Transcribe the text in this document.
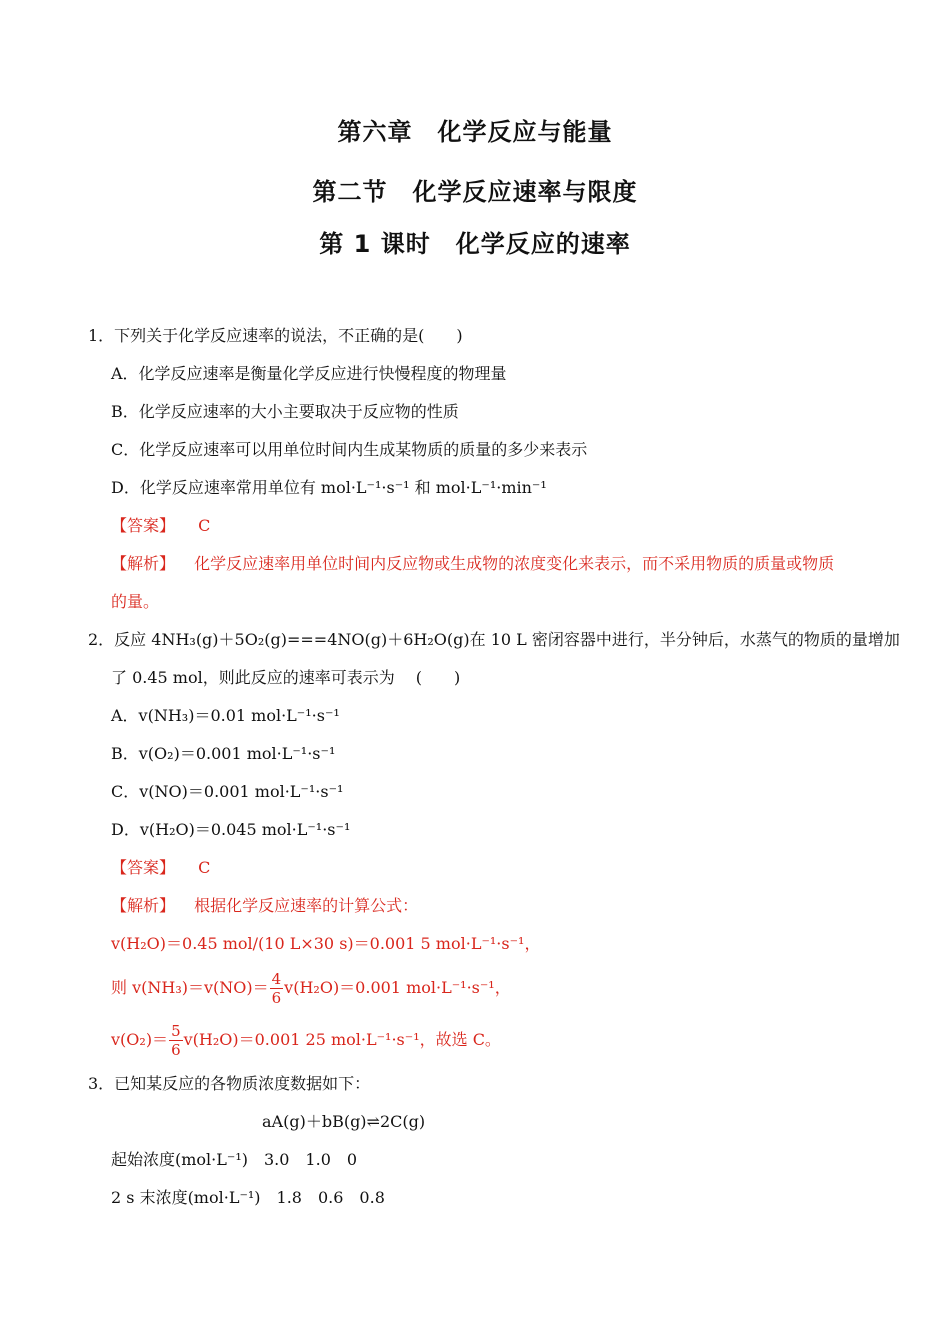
第六章　化学反应与能量
第二节　化学反应速率与限度
第 1 课时　化学反应的速率
1．下列关于化学反应速率的说法，不正确的是(　　)
A．化学反应速率是衡量化学反应进行快慢程度的物理量
B．化学反应速率的大小主要取决于反应物的性质
C．化学反应速率可以用单位时间内生成某物质的质量的多少来表示
D．化学反应速率常用单位有 mol·L⁻¹·s⁻¹ 和 mol·L⁻¹·min⁻¹
【答案】 C
【解析】 化学反应速率用单位时间内反应物或生成物的浓度变化来表示，而不采用物质的质量或物质
的量。
2．反应 4NH₃(g)＋5O₂(g)===4NO(g)＋6H₂O(g)在 10 L 密闭容器中进行，半分钟后，水蒸气的物质的量增加
了 0.45 mol，则此反应的速率可表示为　 (　　)
A．v(NH₃)＝0.01 mol·L⁻¹·s⁻¹
B．v(O₂)＝0.001 mol·L⁻¹·s⁻¹
C．v(NO)＝0.001 mol·L⁻¹·s⁻¹
D．v(H₂O)＝0.045 mol·L⁻¹·s⁻¹
【答案】 C
【解析】 根据化学反应速率的计算公式：
v(H₂O)＝0.45 mol/(10 L×30 s)＝0.001 5 mol·L⁻¹·s⁻¹，
则 $v(NH_3)=v(NO)= \frac{4}{6} v(H_2O)=0.001$ mol·L⁻¹·s⁻¹，
$v(O_2)= \frac{5}{6} v(H_2O)=0.001$ 25 mol·L⁻¹·s⁻¹，故选 C。
3．已知某反应的各物质浓度数据如下：
aA(g)＋bB(g)⇌2C(g)
起始浓度(mol·L⁻¹)　3.0　1.0　0
2 s 末浓度(mol·L⁻¹)　1.8　0.6　0.8
